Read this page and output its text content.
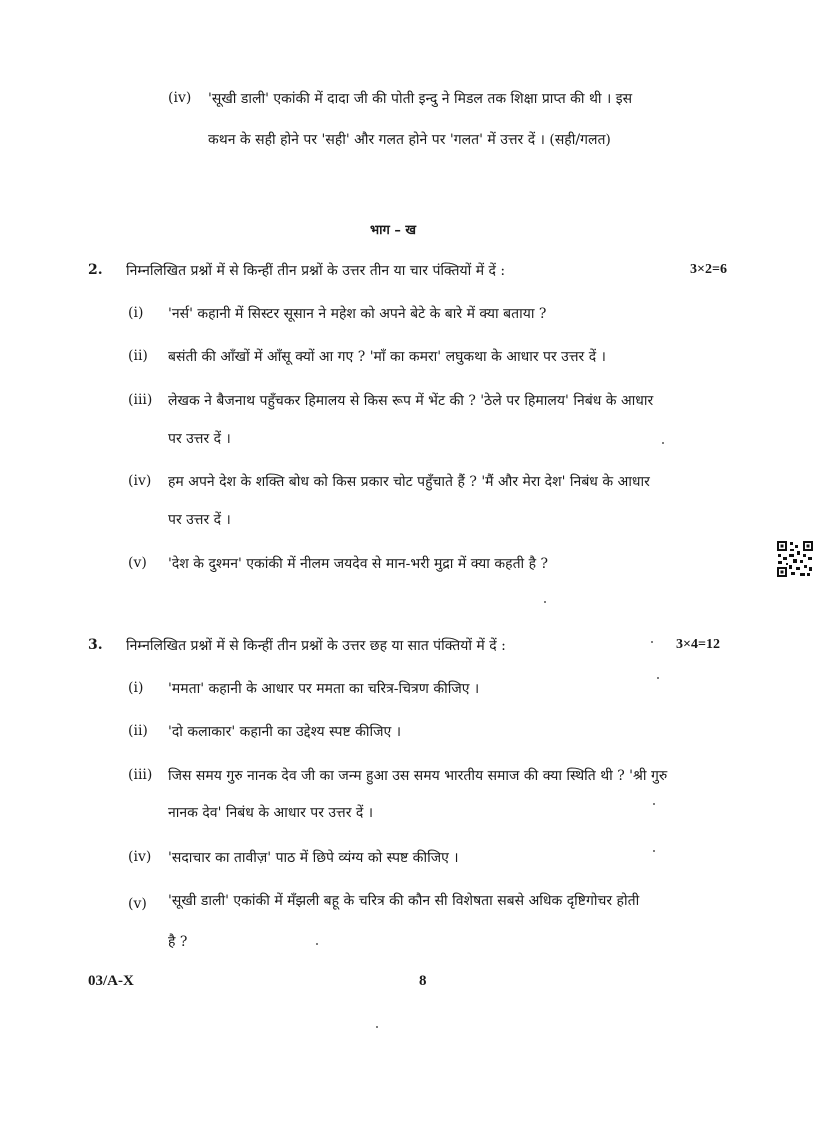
(iv) 'सूखी डाली' एकांकी में दादा जी की पोती इन्दु ने मिडल तक शिक्षा प्राप्त की थी । इस
कथन के सही होने पर 'सही' और गलत होने पर 'गलत' में उत्तर दें । (सही/गलत)
भाग – ख
2. निम्नलिखित प्रश्नों में से किन्हीं तीन प्रश्नों के उत्तर तीन या चार पंक्तियों में दें :	3×2=6
(i) 'नर्स' कहानी में सिस्टर सूसान ने महेश को अपने बेटे के बारे में क्या बताया ?
(ii) बसंती की आँखों में आँसू क्यों आ गए ? 'माँ का कमरा' लघुकथा के आधार पर उत्तर दें ।
(iii) लेखक ने बैजनाथ पहुँचकर हिमालय से किस रूप में भेंट की ? 'ठेले पर हिमालय' निबंध के आधार
पर उत्तर दें ।
(iv) हम अपने देश के शक्ति बोध को किस प्रकार चोट पहुँचाते हैं ? 'मैं और मेरा देश' निबंध के आधार
पर उत्तर दें ।
(v) 'देश के दुश्मन' एकांकी में नीलम जयदेव से मान-भरी मुद्रा में क्या कहती है ?
3. निम्नलिखित प्रश्नों में से किन्हीं तीन प्रश्नों के उत्तर छह या सात पंक्तियों में दें :	3×4=12
(i) 'ममता' कहानी के आधार पर ममता का चरित्र-चित्रण कीजिए ।
(ii) 'दो कलाकार' कहानी का उद्देश्य स्पष्ट कीजिए ।
(iii) जिस समय गुरु नानक देव जी का जन्म हुआ उस समय भारतीय समाज की क्या स्थिति थी ? 'श्री गुरु
नानक देव' निबंध के आधार पर उत्तर दें ।
(iv) 'सदाचार का तावीज़' पाठ में छिपे व्यंग्य को स्पष्ट कीजिए ।
(v) 'सूखी डाली' एकांकी में मँझली बहू के चरित्र की कौन सी विशेषता सबसे अधिक दृष्टिगोचर होती
है ?
03/A-X	8
